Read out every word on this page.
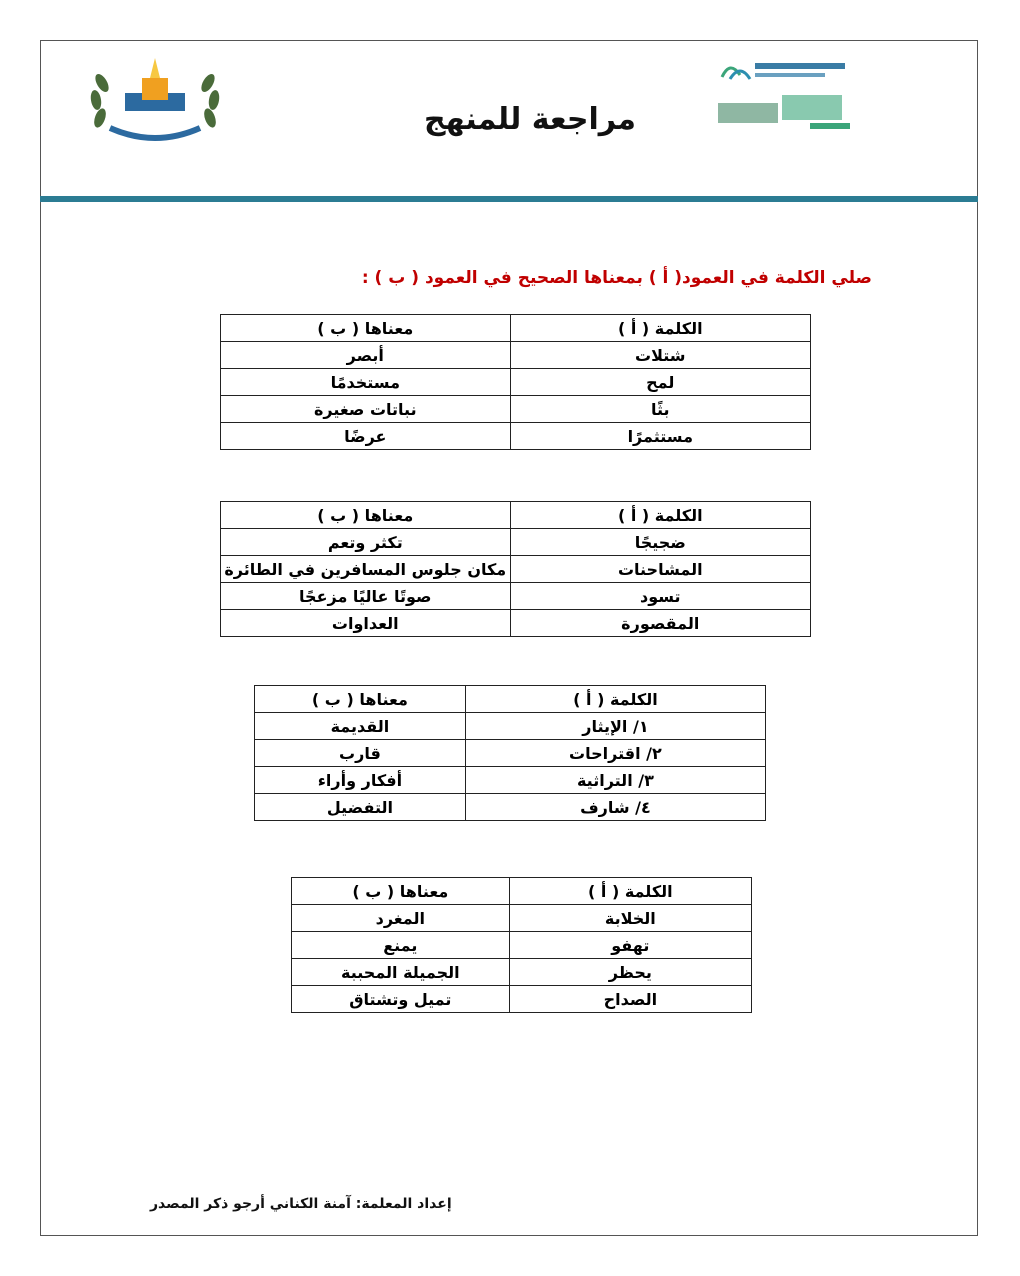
مراجعة للمنهج
صلي الكلمة في العمود( أ ) بمعناها الصحيح في العمود ( ب ) :
الكلمة ( أ )	معناها ( ب )
شتلات	أبصر
لمح	مستخدمًا
بثًا	نباتات صغيرة
مستثمرًا	عرضًا
الكلمة ( أ )	معناها ( ب )
ضجيجًا	تكثر وتعم
المشاحنات	مكان جلوس المسافرين في الطائرة
تسود	صوتًا عاليًا مزعجًا
المقصورة	العداوات
الكلمة ( أ )	معناها ( ب )
١/ الإيثار	القديمة
٢/ اقتراحات	قارب
٣/ التراثية	أفكار وأراء
٤/ شارف	التفضيل
الكلمة ( أ )	معناها ( ب )
الخلابة	المغرد
تهفو	يمنع
يحظر	الجميلة المحببة
الصداح	تميل وتشتاق
إعداد المعلمة: آمنة الكناني أرجو ذكر المصدر
